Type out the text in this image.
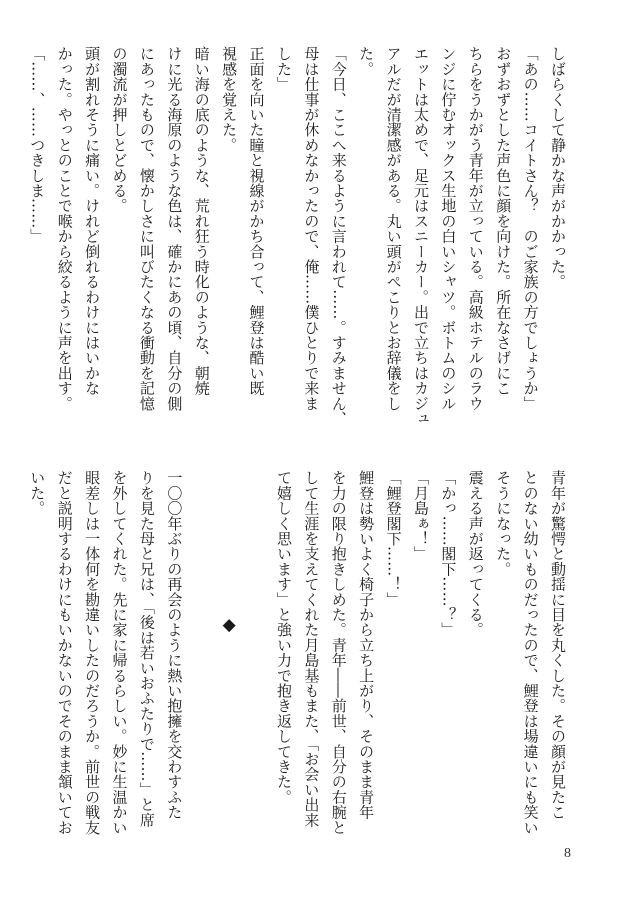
しばらくして静かな声がかかった。
「あの……コイトさん？　のご家族の方でしょうか」
おずおずとした声色に顔を向けた。所在なさげにこ
ちらをうかがう青年が立っている。高級ホテルのラウ
ンジに佇むオックス生地の白いシャツ。ボトムのシル
エットは太めで、足元はスニーカー。出で立ちはカジュ
アルだが清潔感がある。丸い頭がぺこりとお辞儀をし
た。
「今日、ここへ来るように言われて……。すみません、
母は仕事が休めなかったので、俺……僕ひとりで来ま
した」
正面を向いた瞳と視線がかち合って、鯉登は酷い既
視感を覚えた。
暗い海の底のような、荒れ狂う時化のような、朝焼
けに光る海原のような色は、確かにあの頃、自分の側
にあったもので、懐かしさに叫びたくなる衝動を記憶
の濁流が押しとどめる。
頭が割れそうに痛い。けれど倒れるわけにはいかな
かった。やっとのことで喉から絞るように声を出す。
「……、……つきしま……」
青年が驚愕と動揺に目を丸くした。その顔が見たこ
とのない幼いものだったので、鯉登は場違いにも笑い
そうになった。
震える声が返ってくる。
「かっ……閣下……？」
「月島ぁ！」
「鯉登閣下……！」
鯉登は勢いよく椅子から立ち上がり、そのまま青年
を力の限り抱きしめた。青年――前世、自分の右腕と
して生涯を支えてくれた月島基もまた、「お会い出来
て嬉しく思います」と強い力で抱き返してきた。
◆
一〇〇年ぶりの再会のように熱い抱擁を交わすふた
りを見た母と兄は、「後は若いおふたりで……」と席
を外してくれた。先に家に帰るらしい。妙に生温かい
眼差しは一体何を勘違いしたのだろうか。前世の戦友
だと説明するわけにもいかないのでそのまま頷いてお
いた。
8
